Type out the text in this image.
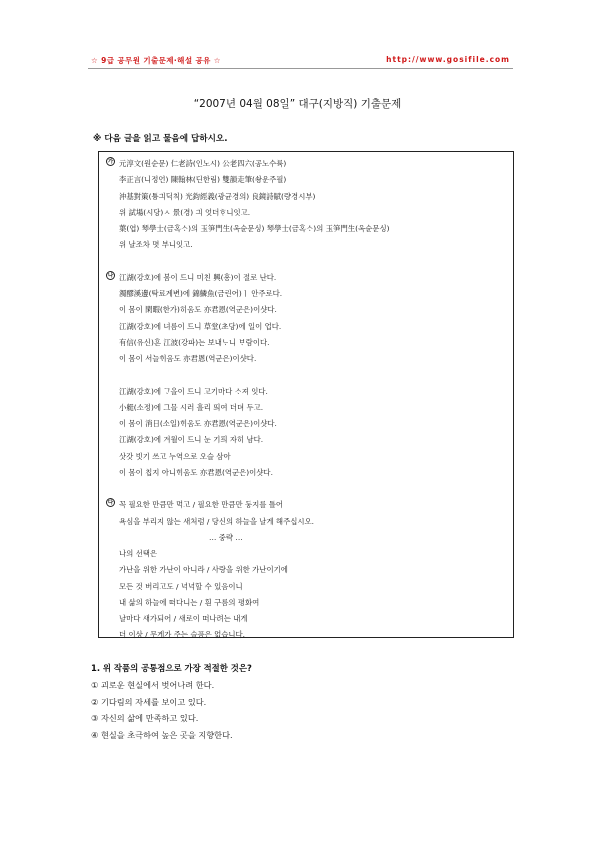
☆ 9급 공무원 기출문제·해설 공유 ☆	http://www.gosifile.com
“2007년 04월 08일” 대구(지방직) 기출문제
※ 다음 글을 읽고 물음에 답하시오.
가 元淳文(원순문) 仁老詩(인노시) 公老四六(공노수륙)
李正言(니정언) 陳翰林(딘한림) 雙韻走筆(솽운주필)
沖基對策(튱긔딕칙) 光鈞經義(광균경의) 良鏡詩賦(량경시부)
위 試場(시당)ㅅ 景(경) 긔 엇더ᄒᆞ니잇고.
葉(엽) 琴學士(금혹ᄉᆞ)의 玉笋門生(옥슌문싱) 琴學士(금혹ᄉᆞ)의 玉笋門生(옥슌문싱)
위 날조차 몃 부니잇고.
나 江湖(강호)에 봄이 드니 미친 興(흥)이 절로 난다.
濁醪溪邊(탁료계변)에 錦鱗魚(금린어)ㅣ 안주로다.
이 몸이 閑暇(한가)히옴도 亦君恩(역군은)이샷다.
江湖(강호)에 녀름이 드니 草堂(초당)에 일이 업다.
有信(유신)흔 江波(강파)는 보내ᄂᆞ니 ᄇᆞ람이다.
이 몸이 서늘ᄒᆡ옴도 亦君恩(역군은)이샷다.
江湖(강호)에 ᄀᆞ을이 드니 고기마다 ᄉᆞ져 잇다.
小艇(소정)에 그믈 시러 흘리 띄여 더뎌 두고.
이 몸이 消日(소일)ᄒᆡ옴도 亦君恩(역군은)이샷다.
江湖(강호)에 겨월이 드니 눈 기픠 자히 남다.
삿갓 빗기 쓰고 누역으로 오슬 삼아
이 몸이 칩지 아니ᄒᆡ옴도 亦君恩(역군은)이샷다.
다 꼭 필요한 만큼만 먹고 / 필요한 만큼만 둥지를 틀어
욕심을 부리지 않는 새처럼 / 당신의 하늘을 날게 해주십시오.
… 중략 …
나의 선택은
가난을 위한 가난이 아니라 / 사랑을 위한 가난이기에
모든 것 버리고도 / 넉넉할 수 있음이니
내 삶의 하늘에 떠다니는 / 흰 구름의 평화여
날마다 새가되어 / 새로이 떠나려는 내게
더 이상 / 무게가 주는 슬픔은 없습니다.
1. 위 작품의 공통점으로 가장 적절한 것은?
① 괴로운 현실에서 벗어나려 한다.
② 기다림의 자세를 보이고 있다.
③ 자신의 삶에 만족하고 있다.
④ 현실을 초극하여 높은 곳을 지향한다.
